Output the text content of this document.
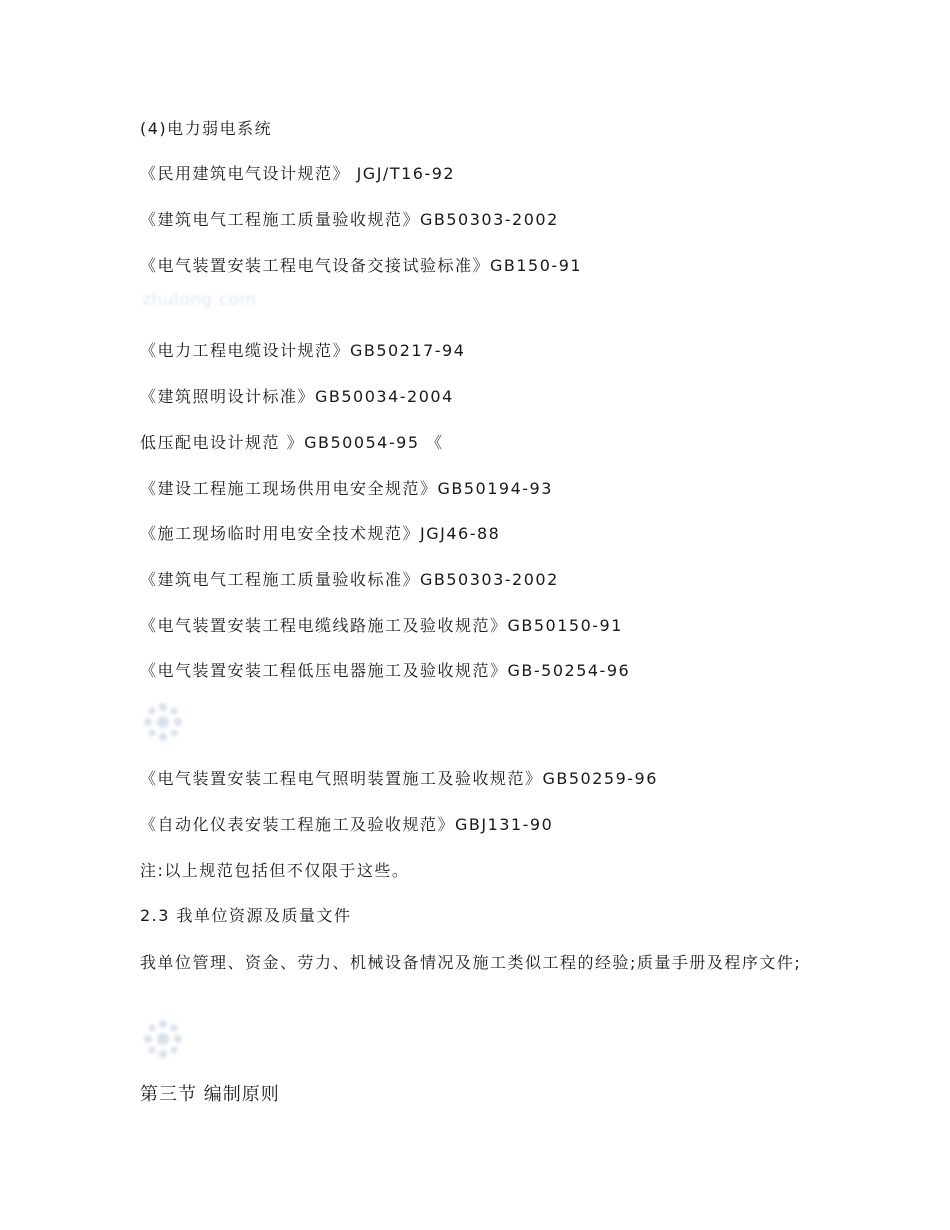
(4)电力弱电系统
《民用建筑电气设计规范》 JGJ/T16-92
《建筑电气工程施工质量验收规范》GB50303-2002
《电气装置安装工程电气设备交接试验标准》GB150-91
zhulong.com
《电力工程电缆设计规范》GB50217-94
《建筑照明设计标准》GB50034-2004
低压配电设计规范 》GB50054-95 《
《建设工程施工现场供用电安全规范》GB50194-93
《施工现场临时用电安全技术规范》JGJ46-88
《建筑电气工程施工质量验收标准》GB50303-2002
《电气装置安装工程电缆线路施工及验收规范》GB50150-91
《电气装置安装工程低压电器施工及验收规范》GB-50254-96
《电气装置安装工程电气照明装置施工及验收规范》GB50259-96
《自动化仪表安装工程施工及验收规范》GBJ131-90
注:以上规范包括但不仅限于这些。
2.3 我单位资源及质量文件
我单位管理、资金、劳力、机械设备情况及施工类似工程的经验;质量手册及程序文件;
第三节 编制原则
